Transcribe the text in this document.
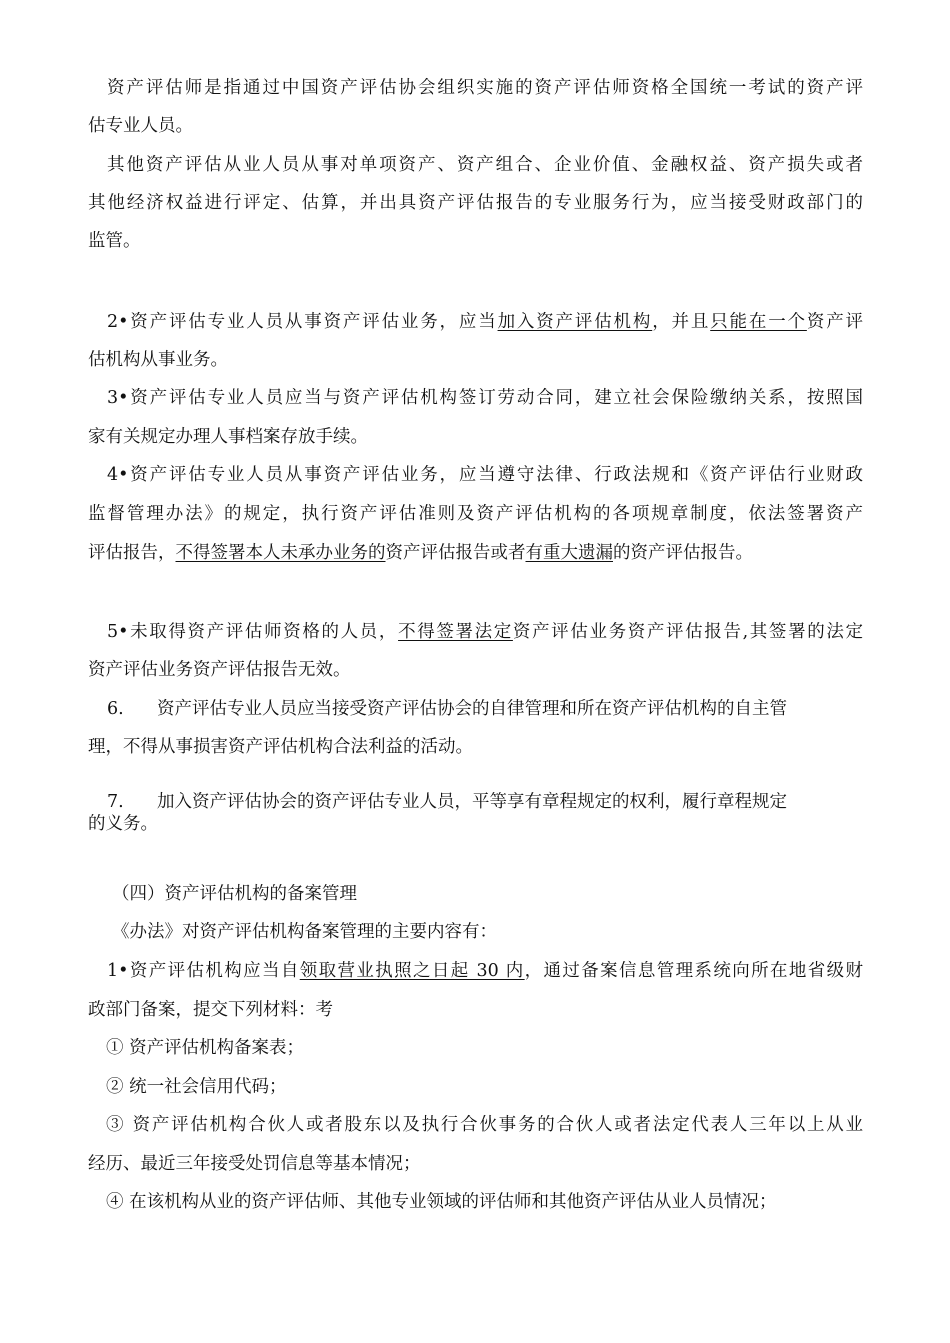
资产评估师是指通过中国资产评估协会组织实施的资产评估师资格全国统一考试的资产评
估专业人员。
其他资产评估从业人员从事对单项资产、资产组合、企业价值、金融权益、资产损失或者
其他经济权益进行评定、估算，并出具资产评估报告的专业服务行为，应当接受财政部门的
监管。
2•资产评估专业人员从事资产评估业务，应当加入资产评估机构，并且只能在一个资产评
估机构从事业务。
3•资产评估专业人员应当与资产评估机构签订劳动合同，建立社会保险缴纳关系，按照国
家有关规定办理人事档案存放手续。
4•资产评估专业人员从事资产评估业务，应当遵守法律、行政法规和《资产评估行业财政
监督管理办法》的规定，执行资产评估准则及资产评估机构的各项规章制度，依法签署资产
评估报告，不得签署本人未承办业务的资产评估报告或者有重大遗漏的资产评估报告。
5•未取得资产评估师资格的人员，不得签署法定资产评估业务资产评估报告,其签署的法定
资产评估业务资产评估报告无效。
6. 资产评估专业人员应当接受资产评估协会的自律管理和所在资产评估机构的自主管
理，不得从事损害资产评估机构合法利益的活动。
7. 加入资产评估协会的资产评估专业人员，平等享有章程规定的权利，履行章程规定
的义务。
（四）资产评估机构的备案管理
《办法》对资产评估机构备案管理的主要内容有：
1•资产评估机构应当自领取营业执照之日起 30 内，通过备案信息管理系统向所在地省级财
政部门备案，提交下列材料：考
① 资产评估机构备案表；
② 统一社会信用代码；
③ 资产评估机构合伙人或者股东以及执行合伙事务的合伙人或者法定代表人三年以上从业
经历、最近三年接受处罚信息等基本情况；
④ 在该机构从业的资产评估师、其他专业领域的评估师和其他资产评估从业人员情况；
